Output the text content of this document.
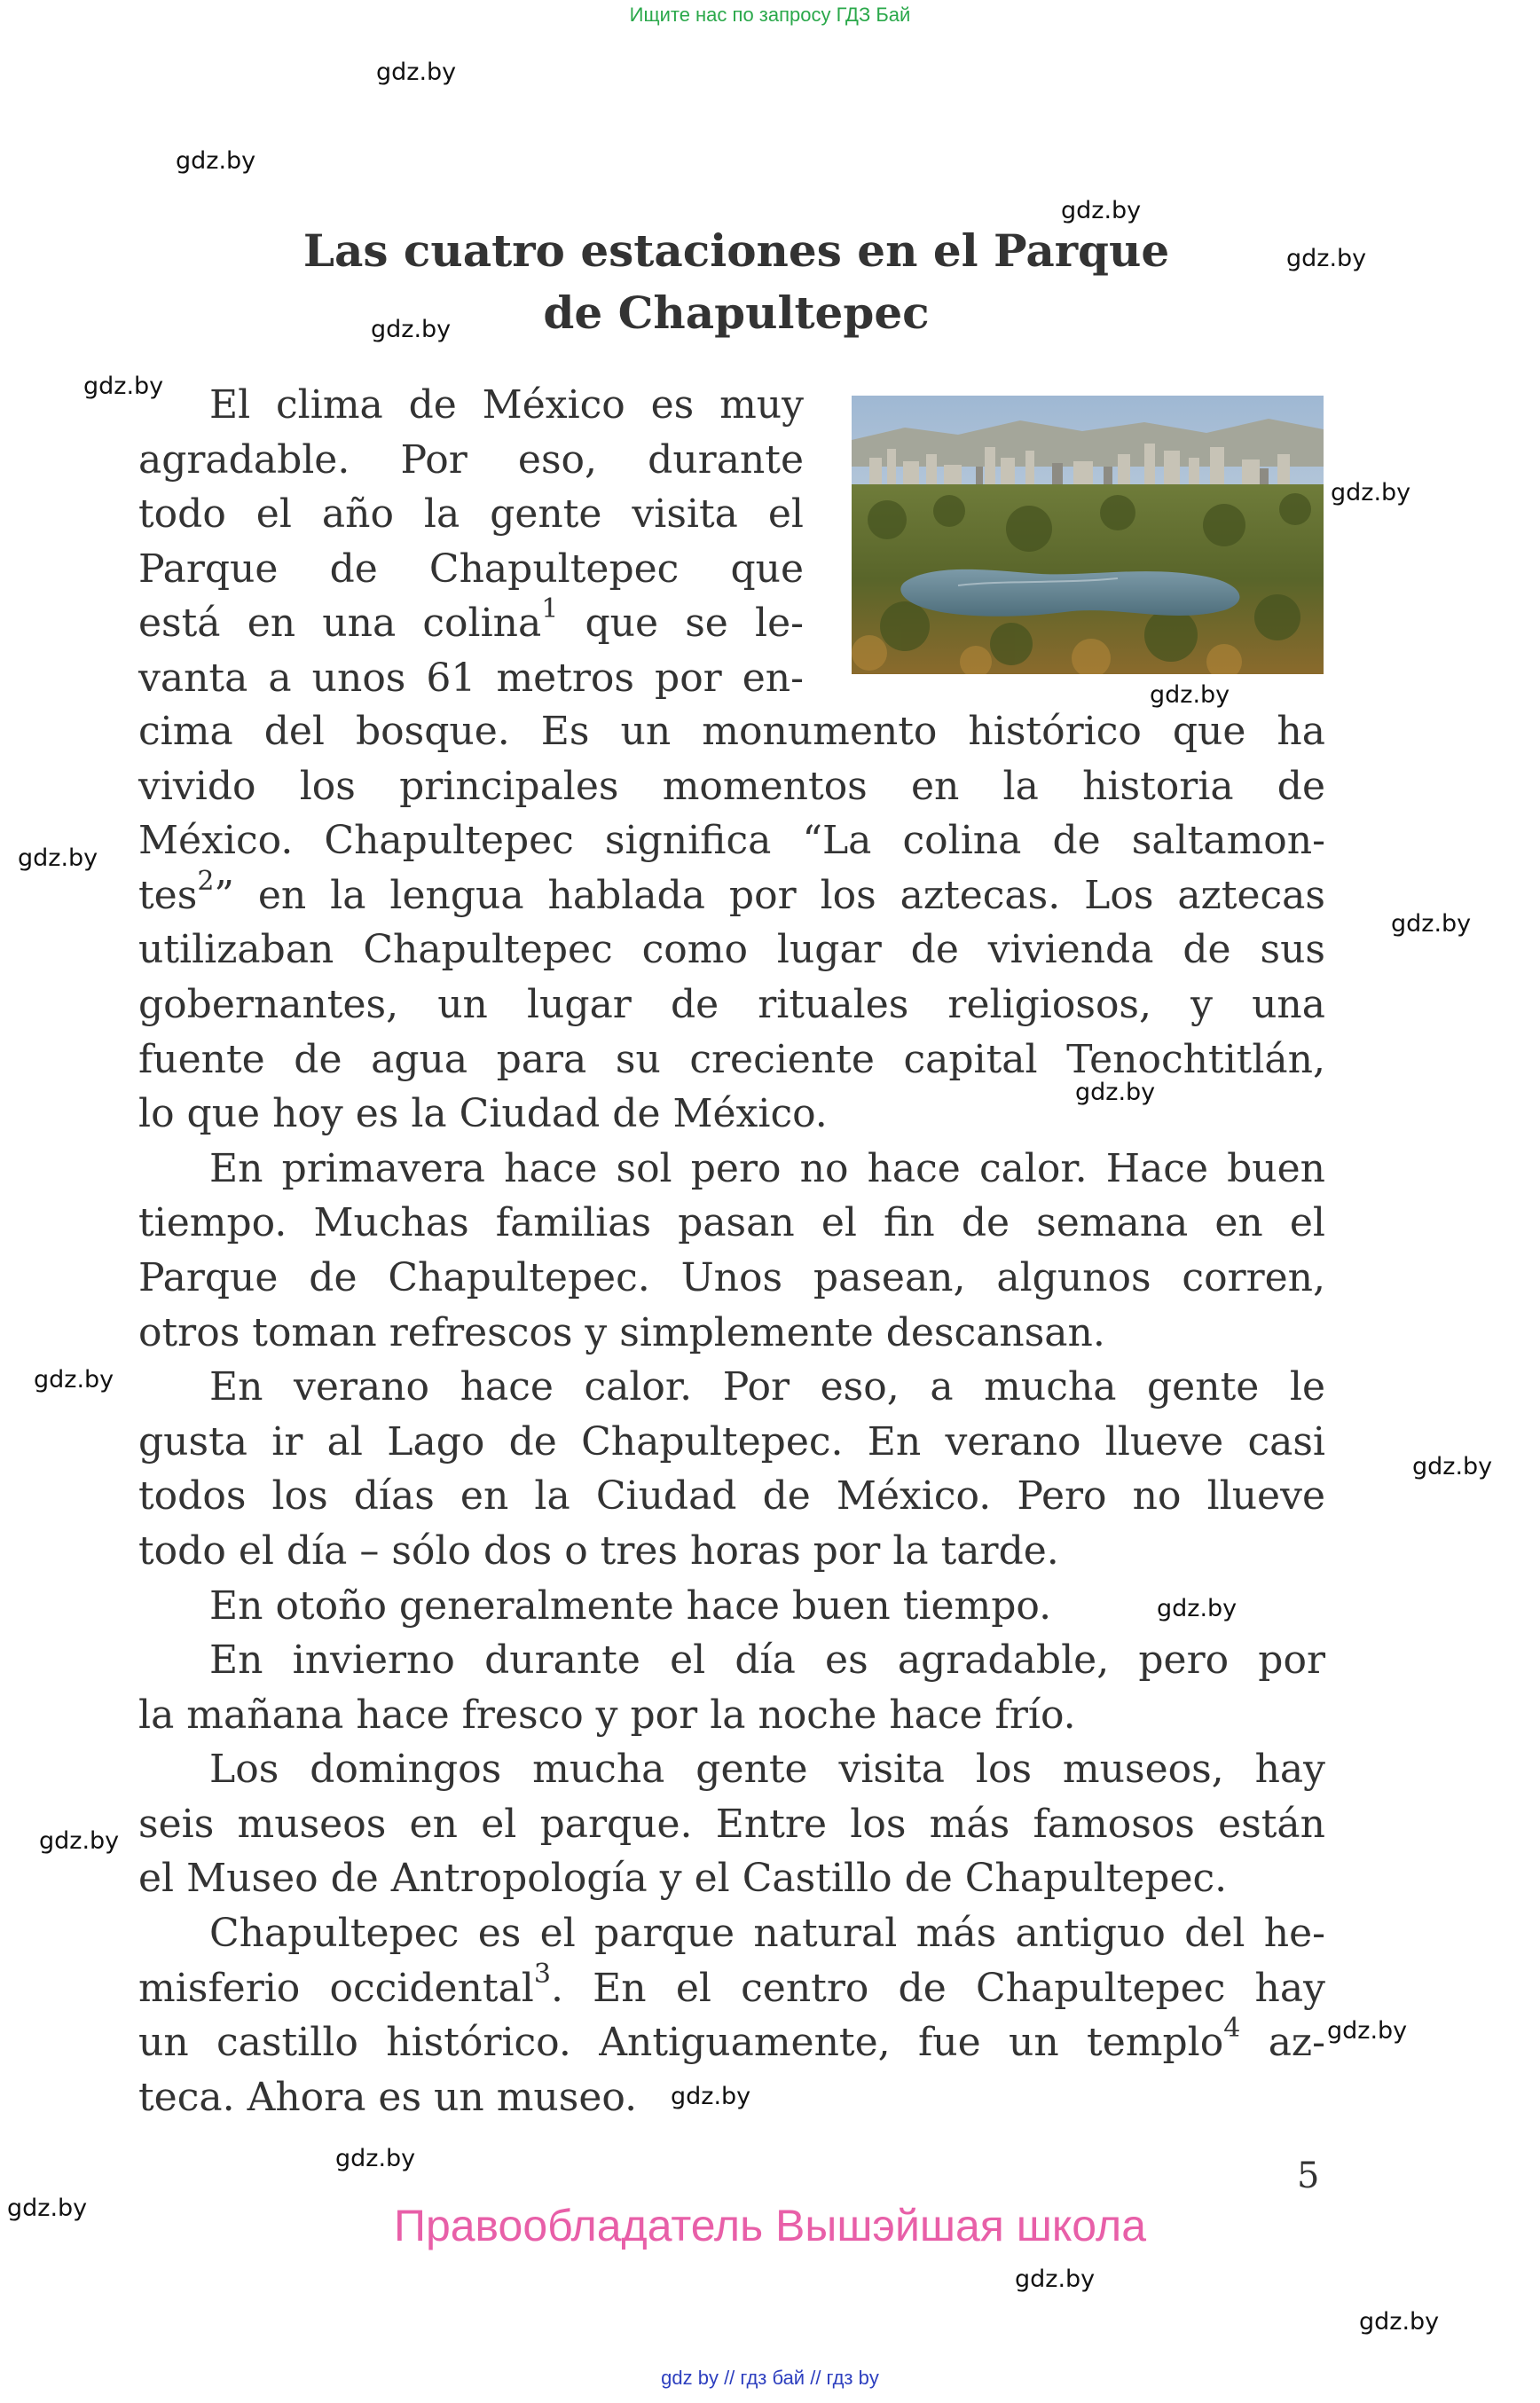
Ищите нас по запросу ГДЗ Бай
gdz.by
gdz.by
gdz.by
gdz.by
gdz.by
gdz.by
gdz.by
gdz.by
gdz.by
gdz.by
gdz.by
gdz.by
gdz.by
gdz.by
gdz.by
gdz.by
gdz.by
gdz.by
gdz.by
gdz.by
gdz.by
Las cuatro estaciones en el Parque
de Chapultepec
El clima de México es muy
agradable. Por eso, durante
todo el año la gente visita el
Parque de Chapultepec que
está en una colina$^1$ que se le-
vanta a unos 61 metros por en-
cima del bosque. Es un monumento histórico que ha
vivido los principales momentos en la historia de
México. Chapultepec significa “La colina de saltamon-
tes$^2$” en la lengua hablada por los aztecas. Los aztecas
utilizaban Chapultepec como lugar de vivienda de sus
gobernantes, un lugar de rituales religiosos, y una
fuente de agua para su creciente capital Tenochtitlán,
lo que hoy es la Ciudad de México.
En primavera hace sol pero no hace calor. Hace buen
tiempo. Muchas familias pasan el fin de semana en el
Parque de Chapultepec. Unos pasean, algunos corren,
otros toman refrescos y simplemente descansan.
En verano hace calor. Por eso, a mucha gente le
gusta ir al Lago de Chapultepec. En verano llueve casi
todos los días en la Ciudad de México. Pero no llueve
todo el día – sólo dos o tres horas por la tarde.
En otoño generalmente hace buen tiempo.
En invierno durante el día es agradable, pero por
la mañana hace fresco y por la noche hace frío.
Los domingos mucha gente visita los museos, hay
seis museos en el parque. Entre los más famosos están
el Museo de Antropología y el Castillo de Chapultepec.
Chapultepec es el parque natural más antiguo del he-
misferio occidental$^3$. En el centro de Chapultepec hay
un castillo histórico. Antiguamente, fue un templo$^4$ az-
teca. Ahora es un museo.
5
Правообладатель Вышэйшая школа
gdz by // гдз бай // гдз by
